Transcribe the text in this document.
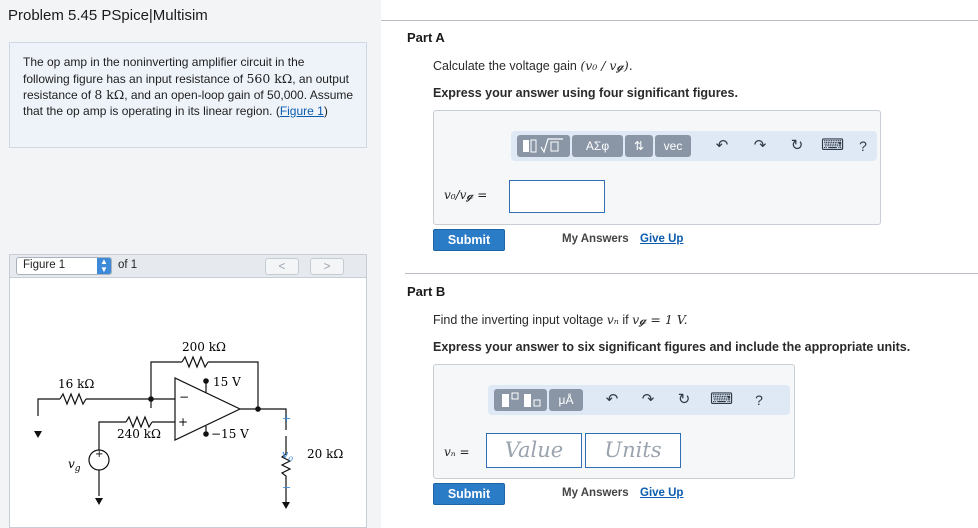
Problem 5.45 PSpice|Multisim
The op amp in the noninverting amplifier circuit in the following figure has an input resistance of 560 kΩ, an output resistance of 8 kΩ, and an open-loop gain of 50,000. Assume that the op amp is operating in its linear region. (Figure 1)
Figure 1	▲
▼ of 1	<	>
200 kΩ
16 kΩ
240 kΩ
20 kΩ
15 V
−15 V
−
+
+
+
−
$v_g$
$v_o$
Part A
Calculate the voltage gain (v₀ / v𝓰).
Express your answer using four significant figures.
ΑΣφ	⇅	vec	↶ ↷ ↻ ⌨	?
v₀/v𝓰 =
Submit	My Answers Give Up
Part B
Find the inverting input voltage vₙ if v𝓰 = 1 V.
Express your answer to six significant figures and include the appropriate units.
μÅ	↶ ↷ ↻ ⌨	?
vₙ =	Value	Units
Submit	My Answers Give Up
